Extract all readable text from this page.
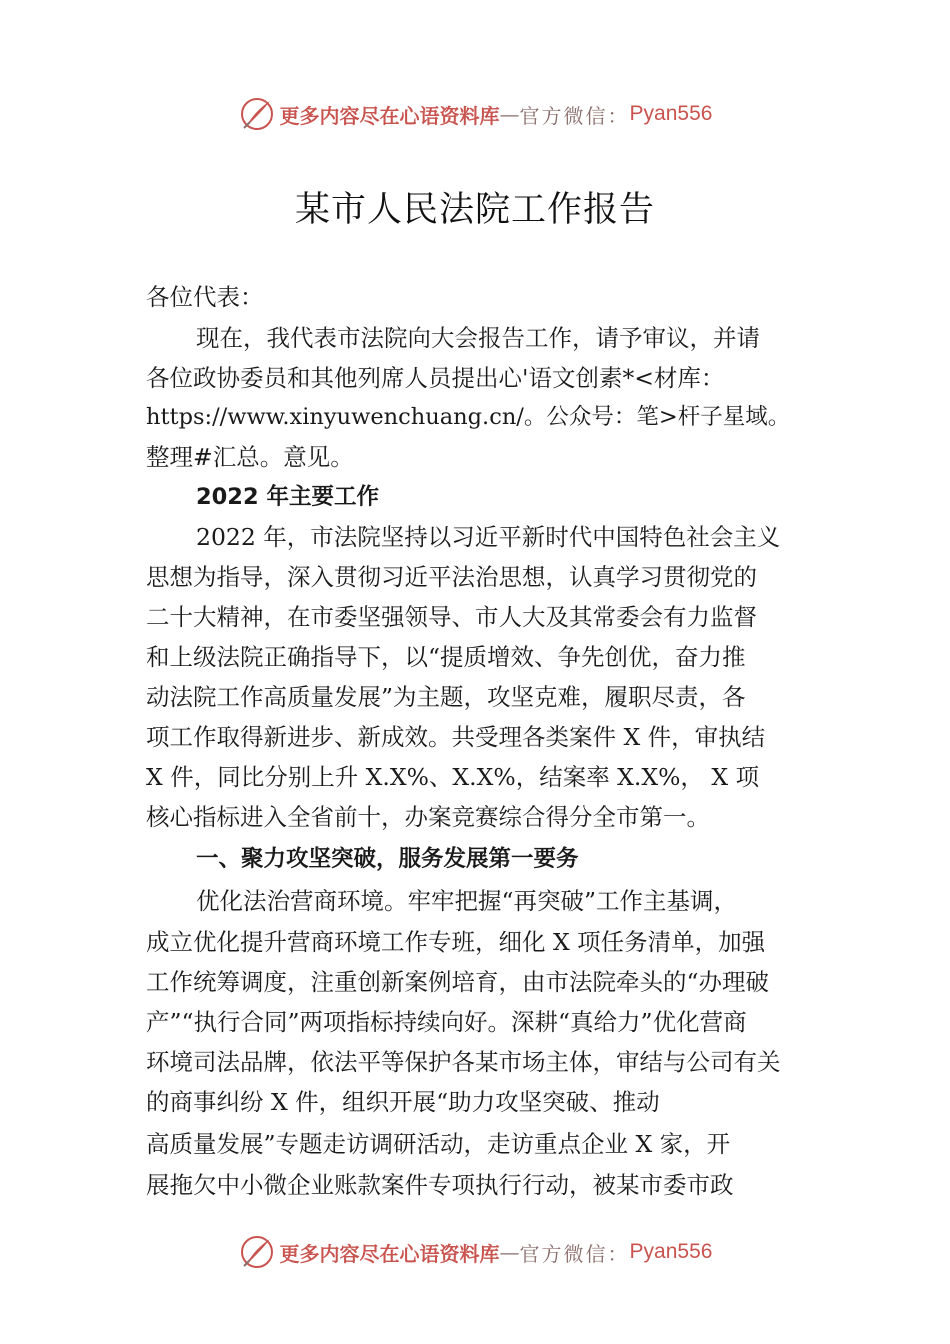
更多内容尽在心语资料库 — 官方微信： Pyan556
某市人民法院工作报告
各位代表：
现在，我代表市法院向大会报告工作，请予审议，并请
各位政协委员和其他列席人员提出心'语文创素*<材库：
https://www.xinyuwenchuang.cn/。公众号：笔>杆子星域。
整理#汇总。意见。
2022 年主要工作
2022 年，市法院坚持以习近平新时代中国特色社会主义
思想为指导，深入贯彻习近平法治思想，认真学习贯彻党的
二十大精神，在市委坚强领导、市人大及其常委会有力监督
和上级法院正确指导下，以“提质增效、争先创优，奋力推
动法院工作高质量发展”为主题，攻坚克难，履职尽责，各
项工作取得新进步、新成效。共受理各类案件 X 件，审执结
X 件，同比分别上升 X.X%、X.X%，结案率 X.X%， X 项
核心指标进入全省前十，办案竞赛综合得分全市第一。
一、聚力攻坚突破，服务发展第一要务
优化法治营商环境。牢牢把握“再突破”工作主基调，
成立优化提升营商环境工作专班，细化 X 项任务清单，加强
工作统筹调度，注重创新案例培育，由市法院牵头的“办理破
产”“执行合同”两项指标持续向好。深耕“真给力”优化营商
环境司法品牌，依法平等保护各某市场主体，审结与公司有关
的商事纠纷 X 件，组织开展“助力攻坚突破、推动
高质量发展”专题走访调研活动，走访重点企业 X 家，开
展拖欠中小微企业账款案件专项执行行动，被某市委市政
更多内容尽在心语资料库 — 官方微信： Pyan556
